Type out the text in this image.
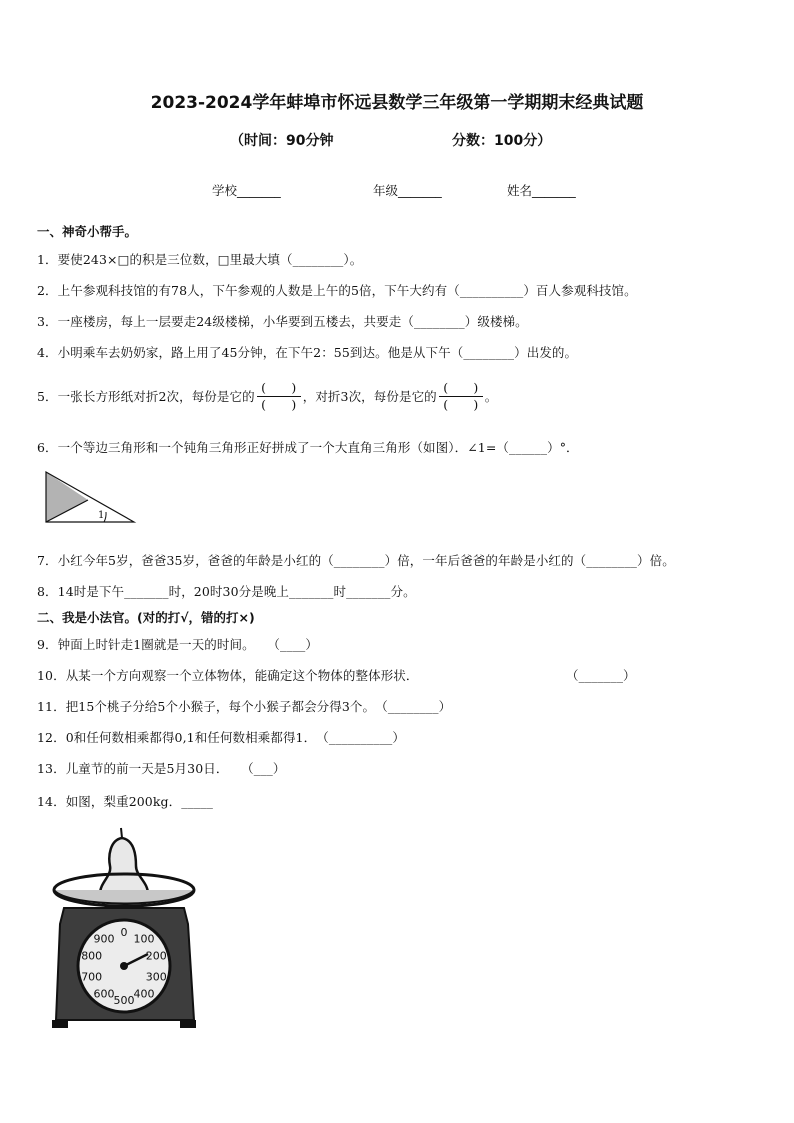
2023-2024学年蚌埠市怀远县数学三年级第一学期期末经典试题
（时间：90分钟	分数：100分）
学校_______	年级_______	姓名_______
一、神奇小帮手。
1．要使243×□的积是三位数，□里最大填（________）。
2．上午参观科技馆的有78人，下午参观的人数是上午的5倍，下午大约有（__________）百人参观科技馆。
3．一座楼房，每上一层要走24级楼梯，小华要到五楼去，共要走（________）级楼梯。
4．小明乘车去奶奶家，路上用了45分钟，在下午2：55到达。他是从下午（________）出发的。
5．一张长方形纸对折2次，每份是它的 $\frac{( )}{( )}$ ，对折3次，每份是它的 $\frac{( )}{( )}$ 。
6．一个等边三角形和一个钝角三角形正好拼成了一个大直角三角形（如图）．∠1=（______）°．
1
7．小红今年5岁，爸爸35岁，爸爸的年龄是小红的（________）倍，一年后爸爸的年龄是小红的（________）倍。
8．14时是下午_______时，20时30分是晚上_______时_______分。
二、我是小法官。(对的打√，错的打×)
9．钟面上时针走1圈就是一天的时间。　　（____）
10．从某一个方向观察一个立体物体，能确定这个物体的整体形状．	（_______）
11．把15个桃子分给5个小猴子，每个小猴子都会分得3个。　（________）
12．0和任何数相乘都得0,1和任何数相乘都得1．　（__________）
13．儿童节的前一天是5月30日．　　（___）
14．如图，梨重200kg．_____
0 100
200
300
400
500
600
700
800
900
